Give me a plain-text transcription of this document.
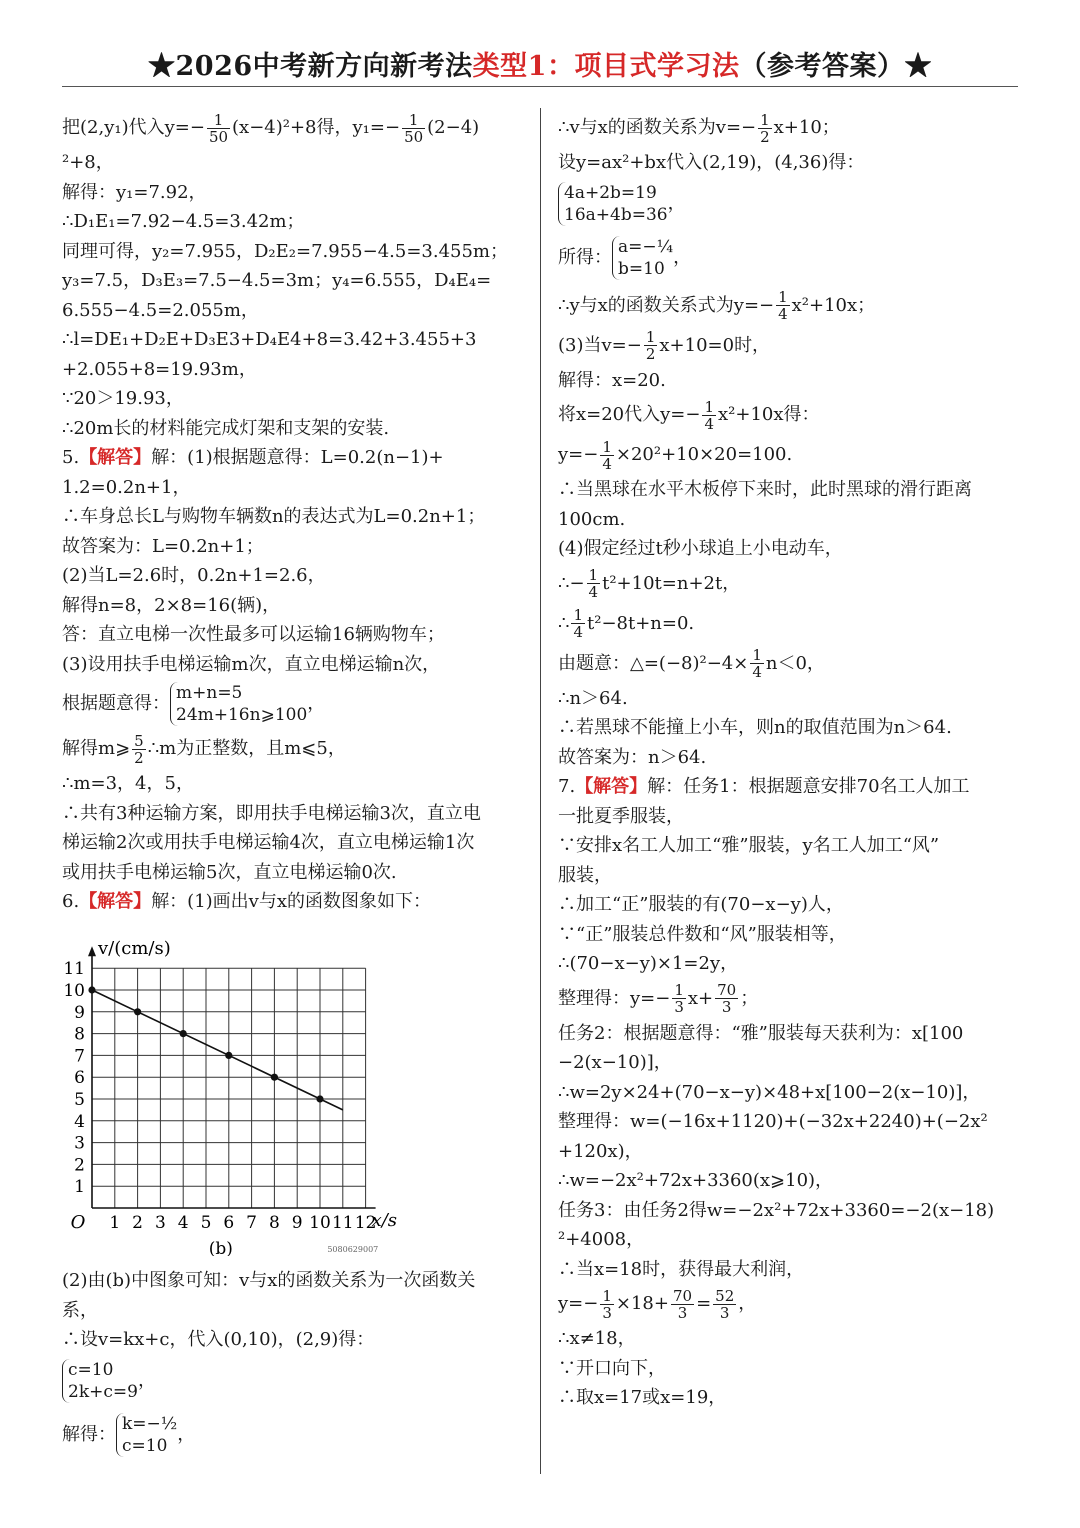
★2026中考新方向新考法类型1：项目式学习法（参考答案）★
把(2,y₁)代入$y=- \frac{1}{50} (x-4)^2+8$得，$y_1=- \frac{1}{50} (2-4)$
²+8，
解得：y₁=7.92，
∴D₁E₁=7.92−4.5=3.42m；
同理可得，y₂=7.955，D₂E₂=7.955−4.5=3.455m；
y₃=7.5，D₃E₃=7.5−4.5=3m；y₄=6.555，D₄E₄=
6.555−4.5=2.055m，
∴l=DE₁+D₂E+D₃E3+D₄E4+8=3.42+3.455+3
+2.055+8=19.93m，
∵20＞19.93，
∴20m长的材料能完成灯架和支架的安装.
5.【解答】解：(1)根据题意得：L=0.2(n−1)+
1.2=0.2n+1，
∴车身总长L与购物车辆数n的表达式为L=0.2n+1；
故答案为：L=0.2n+1；
(2)当L=2.6时，0.2n+1=2.6，
解得n=8，2×8=16(辆)，
答：直立电梯一次性最多可以运输16辆购物车；
(3)设用扶手电梯运输m次，直立电梯运输n次，
根据题意得： m+n=5
24m+16n⩾100
，
解得m⩾ $\frac{5}{2}$ ∴m为正整数，且m⩽5，
∴m=3，4，5，
∴共有3种运输方案，即用扶手电梯运输3次，直立电
梯运输2次或用扶手电梯运输4次，直立电梯运输1次
或用扶手电梯运输5次，直立电梯运输0次.
6.【解答】解：(1)画出v与x的函数图象如下：
1 2 3 4 5 6 7 8 9 10 11 12
1
2
3
4
5
6
7
8
9
10
11
O	x/s
v/(cm/s)
(b)	5080629007
(2)由(b)中图象可知：v与x的函数关系为一次函数关
系，
∴设v=kx+c，代入(0,10)，(2,9)得：
c=10
2k+c=9
，
解得： k=−½
c=10
，
∴v与x的函数关系为$v=- \frac{1}{2} x+10$；
设y=ax²+bx代入(2,19)，(4,36)得：
4a+2b=19
16a+4b=36
，
所得： a=−¼
b=10
，
∴y与x的函数关系式为$y=- \frac{1}{4} x^2+10x$；
(3)当$v=- \frac{1}{2} x+10=0$时，
解得：x=20.
将x=20代入$y=- \frac{1}{4} x^2+10x$得：
$y=- \frac{1}{4} \times 20^2+10\times 20=100$.
∴当黑球在水平木板停下来时，此时黑球的滑行距离
100cm.
(4)假定经过t秒小球追上小电动车，
∴− $\frac{1}{4} t^2+10t=n+2t$，
∴ $\frac{1}{4} t^2-8t+n=0$.
由题意：△=(−8)²−4× $\frac{1}{4} n<0$，
∴n＞64.
∴若黑球不能撞上小车，则n的取值范围为n＞64.
故答案为：n＞64.
7.【解答】解：任务1：根据题意安排70名工人加工
一批夏季服装，
∵安排x名工人加工“雅”服装，y名工人加工“风”
服装，
∴加工“正”服装的有(70−x−y)人，
∵“正”服装总件数和“风”服装相等，
∴(70−x−y)×1=2y，
整理得：$y=- \frac{1}{3} x+ \frac{70}{3}$ ；
任务2：根据题意得：“雅”服装每天获利为：x[100
−2(x−10)]，
∴w=2y×24+(70−x−y)×48+x[100−2(x−10)]，
整理得：w=(−16x+1120)+(−32x+2240)+(−2x²
+120x)，
∴w=−2x²+72x+3360(x⩾10)，
任务3：由任务2得w=−2x²+72x+3360=−2(x−18)
²+4008，
∴当x=18时，获得最大利润，
$y=- \frac{1}{3} \times 18+ \frac{70}{3} = \frac{52}{3}$ ，
∴x≠18，
∵开口向下，
∴取x=17或x=19，
